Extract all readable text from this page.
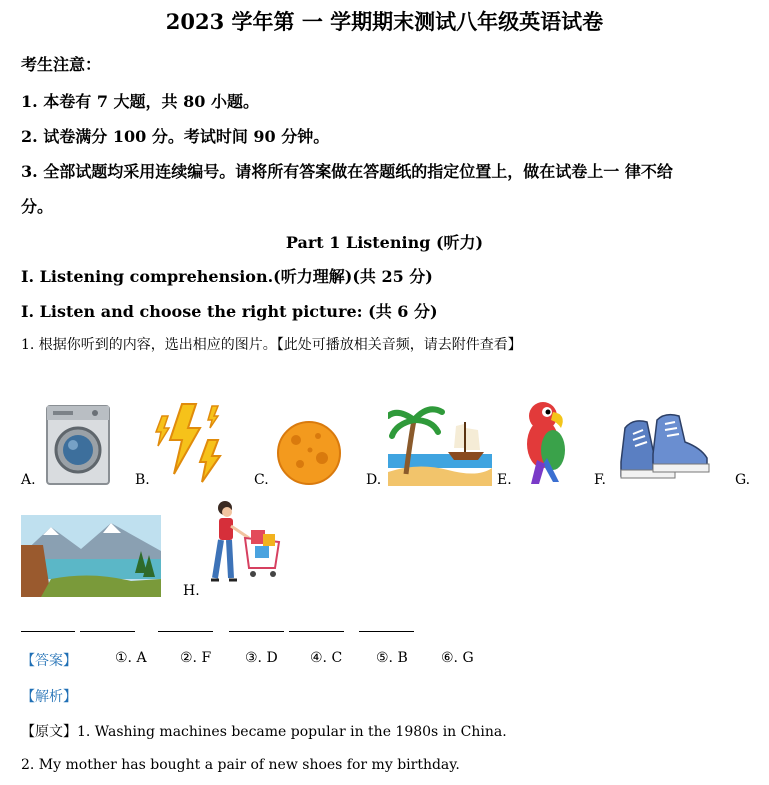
2023 学年第 一 学期期末测试八年级英语试卷
考生注意：
1. 本卷有 7 大题，共 80 小题。
2. 试卷满分 100 分。考试时间 90 分钟。
3. 全部试题均采用连续编号。请将所有答案做在答题纸的指定位置上，做在试卷上一 律不给
分。
Part 1 Listening (听力)
I. Listening comprehension.(听力理解)(共 25 分)
I. Listen and choose the right picture: (共 6 分)
1. 根据你听到的内容，选出相应的图片。【此处可播放相关音频，请去附件查看】
A.	B.	C.	D.	E.	F.	G.
H.
【答案】	①. A ②. F ③. D ④. C ⑤. B ⑥. G
【解析】
【原文】1. Washing machines became popular in the 1980s in China.
2. My mother has bought a pair of new shoes for my birthday.
